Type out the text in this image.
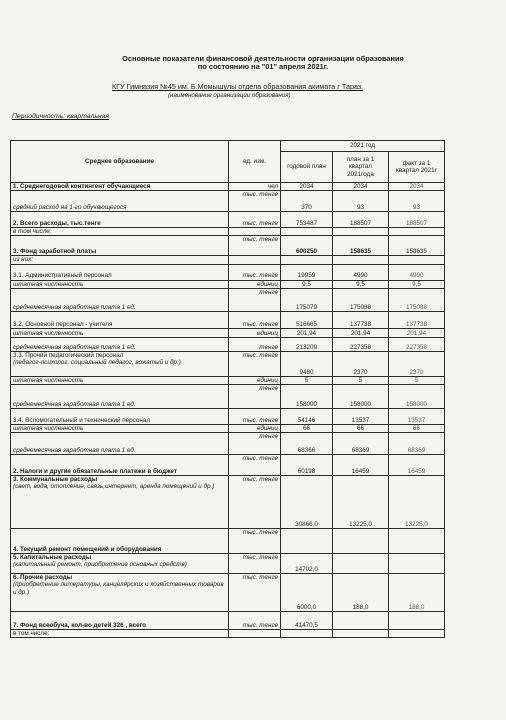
Основные показатели финансовой деятельности организации образования
по состоянию на "01" апреля 2021г.
КГУ Гимназия №45 им. Б.Момышулы отдела образования акимата г Тараз.
(наименование организации образования)
Периодичность: квартальная
Среднее образование	ед. изм.	2021 год		
		годовой план	план за 1 квартал 2021года	факт за 1 квартал 2021г

1. Среднегодовой контингент обучающиеся	чел	2034	2034	2034

средний расход на 1-го обучающегося	тыс. тенге	370	93	93

2. Всего расходы, тыс.тенге	тыс. тенге	753487	188507	188507

в том числе:				

3. Фонд заработной платы	тыс. тенге	600250	158635	158635

из них:				

3.1. Административный персонал	тыс. тенге	19959	4990	4990

штатная численность	единиц	9,5	9,5	9,5

среднемесячная заработная плата 1 ед.	тенге	175079	175088	175088

3.2. Основной персонал - учителя	тыс. тенге	516665	137738	137738

штатная численность	единиц	201,94	201,94	201,94

среднемесячная заработная плата 1 ед.	тенге	213209	227358	227358

3.3. Прочий педагогический персонал
(педагог-психолог, социальный педагог, вожатый и др.)	тыс. тенге	9480	2370	2370

штатная численность	единиц	5	5	5

среднемесячная заработная плата 1 ед.	тенге	158000	158000	158000

3.4. Вспомогательный и технический персонал	тыс. тенге	54146	13537	13537

штатная численность	единиц	66	66	66

среднемесячная заработная плата 1 ед.	тенге	68366	68369	68369

2. Налоги и другие обязательные платежи в бюджет	тыс. тенге	60198	16459	16459

3. Коммунальные расходы
(свет, вода, отопление, связь,интернет, аренда помещений и др.)	тыс. тенге	30866,0	13225,0	13225,0

4. Текущий ремонт помещений и оборудования	тыс. тенге			

5. Капитальные расходы
(капитальный ремонт, приобретение основных средств)	тыс. тенге	14702,0		

6. Прочие расходы
(приобретение литературы, канцелярских и хозяйственных товаров и др.)	тыс. тенге	6000,0	188,0	188,0

7. Фонд всеобуча, кол-во детей 326 , всего	тыс. тенге	41470,5		

в том числе:				
